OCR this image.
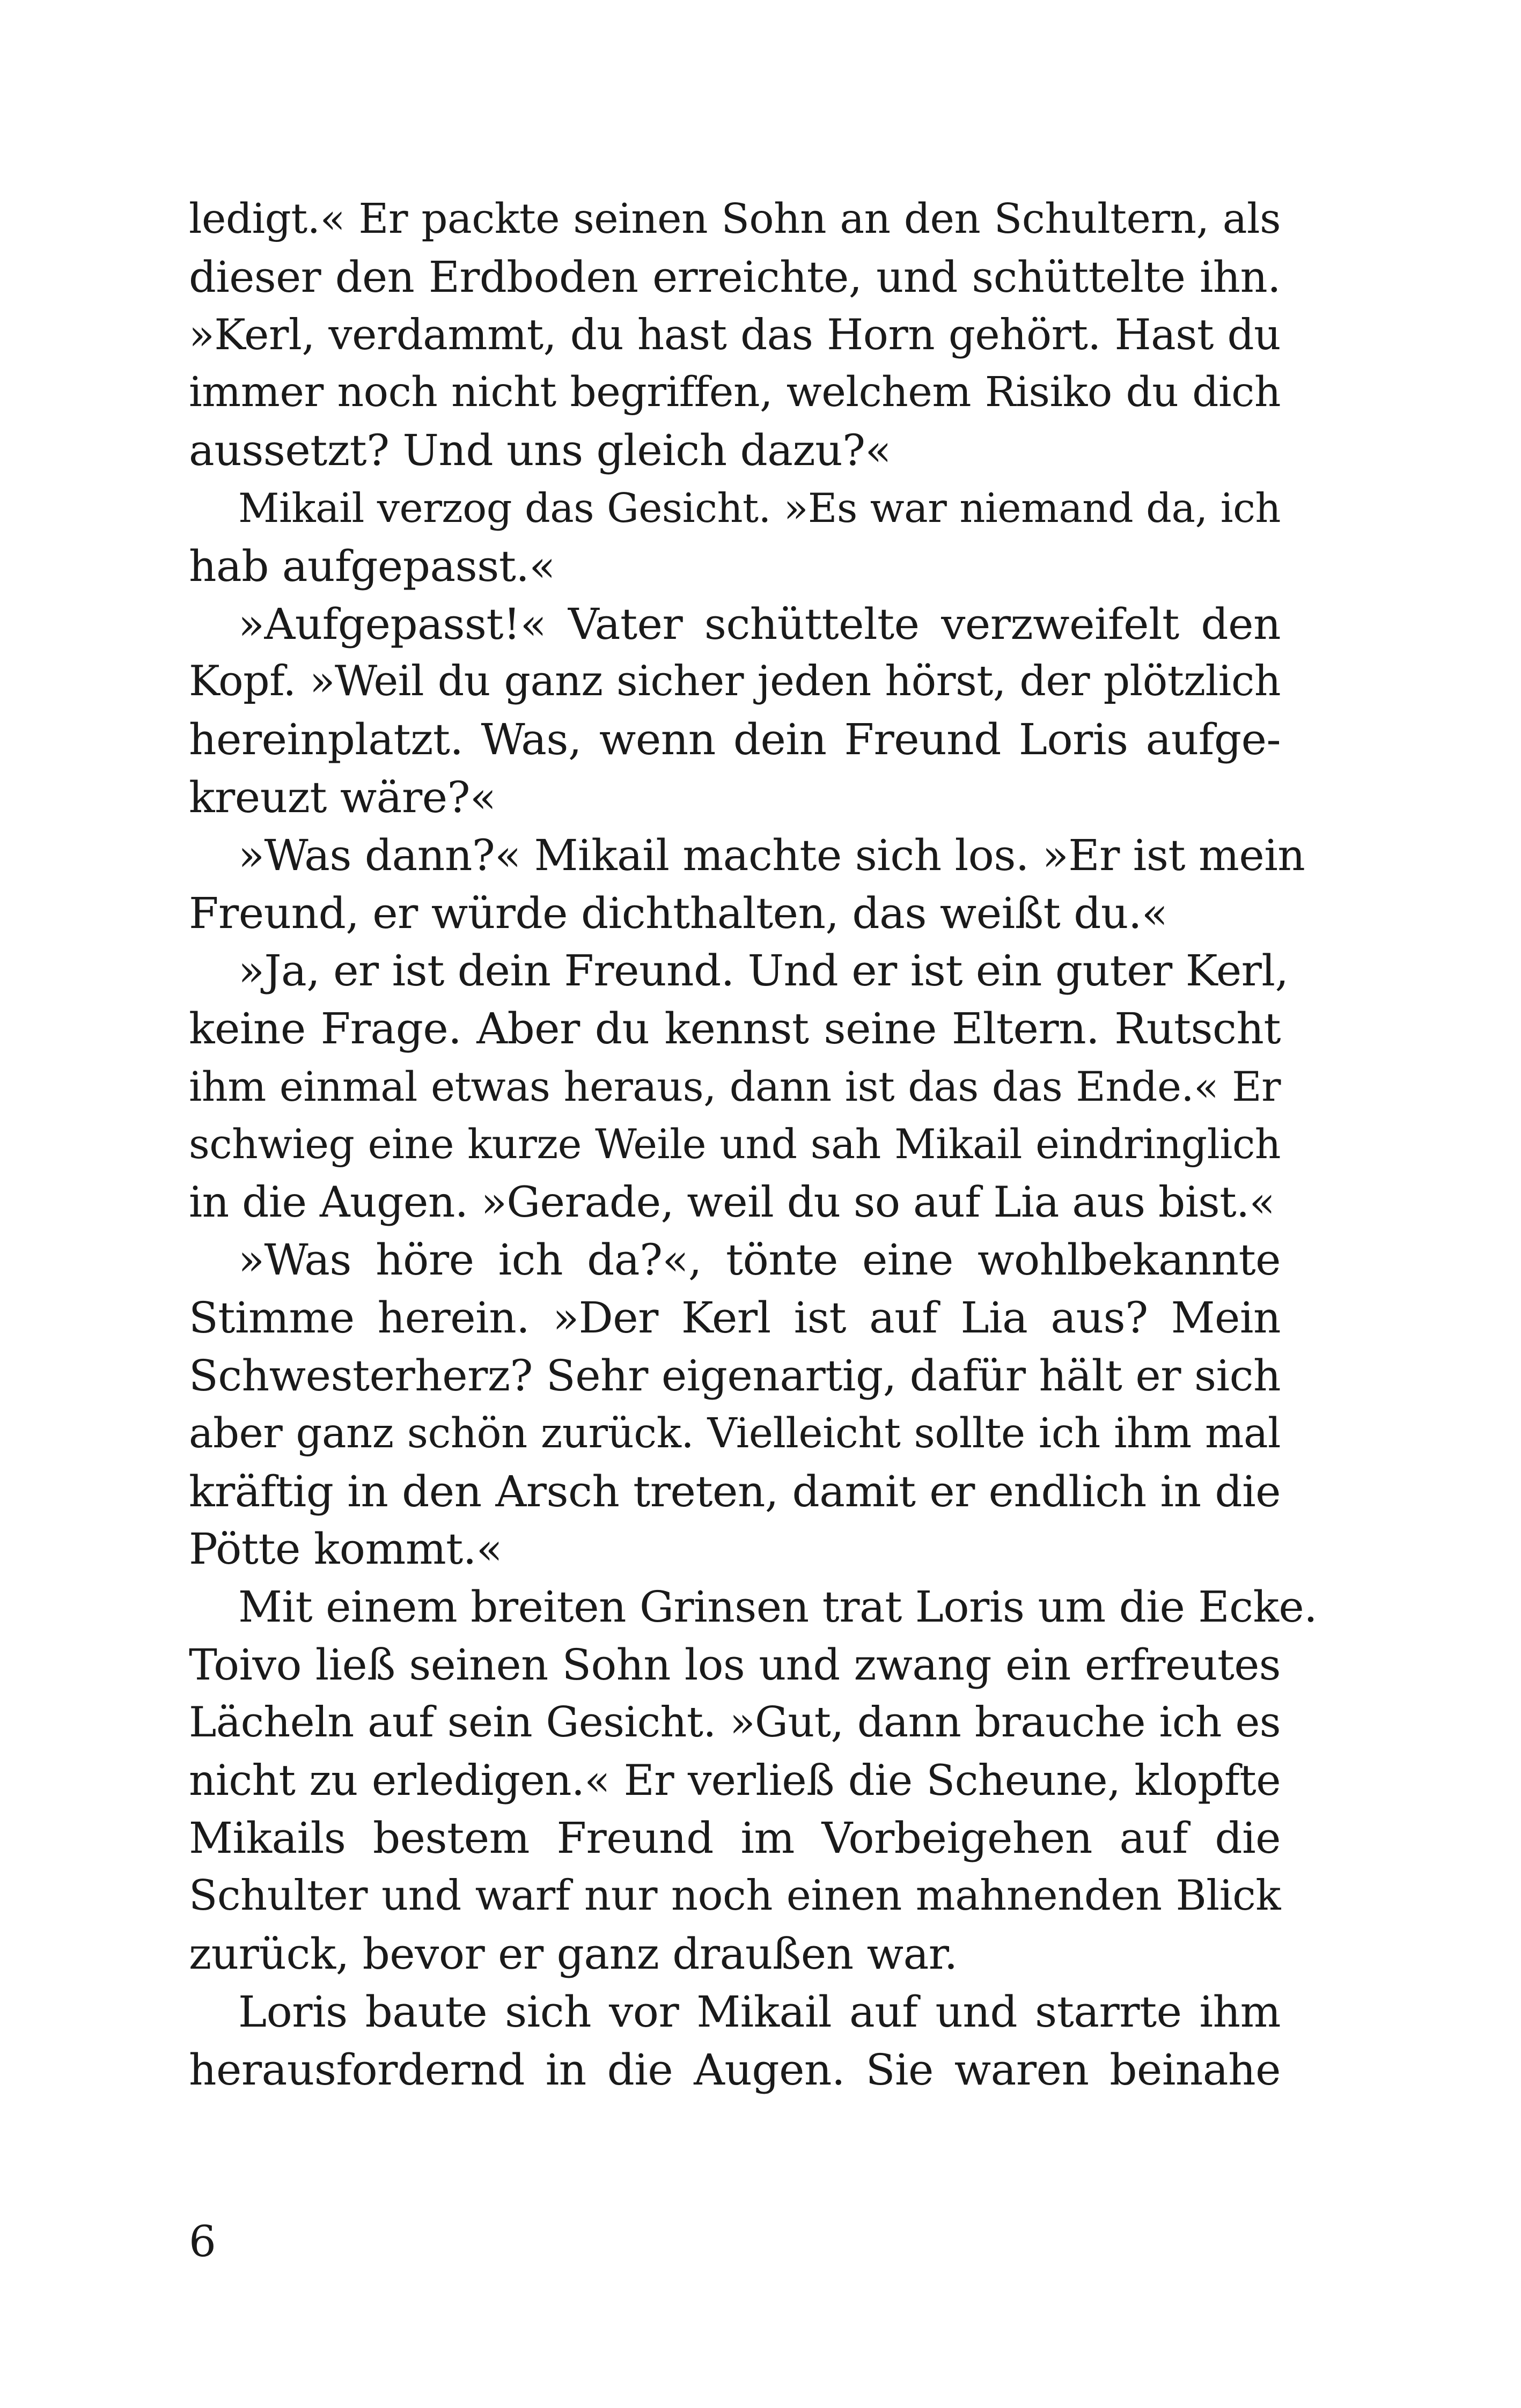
ledigt.« Er packte seinen Sohn an den Schultern, als
dieser den Erdboden erreichte, und schüttelte ihn.
»Kerl, verdammt, du hast das Horn gehört. Hast du
immer noch nicht begriffen, welchem Risiko du dich
aussetzt? Und uns gleich dazu?«
Mikail verzog das Gesicht. »Es war niemand da, ich
hab aufgepasst.«
»Aufgepasst!« Vater schüttelte verzweifelt den
Kopf. »Weil du ganz sicher jeden hörst, der plötzlich
hereinplatzt. Was, wenn dein Freund Loris aufge-
kreuzt wäre?«
»Was dann?« Mikail machte sich los. »Er ist mein
Freund, er würde dichthalten, das weißt du.«
»Ja, er ist dein Freund. Und er ist ein guter Kerl,
keine Frage. Aber du kennst seine Eltern. Rutscht
ihm einmal etwas heraus, dann ist das das Ende.« Er
schwieg eine kurze Weile und sah Mikail eindringlich
in die Augen. »Gerade, weil du so auf Lia aus bist.«
»Was höre ich da?«, tönte eine wohlbekannte
Stimme herein. »Der Kerl ist auf Lia aus? Mein
Schwesterherz? Sehr eigenartig, dafür hält er sich
aber ganz schön zurück. Vielleicht sollte ich ihm mal
kräftig in den Arsch treten, damit er endlich in die
Pötte kommt.«
Mit einem breiten Grinsen trat Loris um die Ecke.
Toivo ließ seinen Sohn los und zwang ein erfreutes
Lächeln auf sein Gesicht. »Gut, dann brauche ich es
nicht zu erledigen.« Er verließ die Scheune, klopfte
Mikails bestem Freund im Vorbeigehen auf die
Schulter und warf nur noch einen mahnenden Blick
zurück, bevor er ganz draußen war.
Loris baute sich vor Mikail auf und starrte ihm
herausfordernd in die Augen. Sie waren beinahe
6
